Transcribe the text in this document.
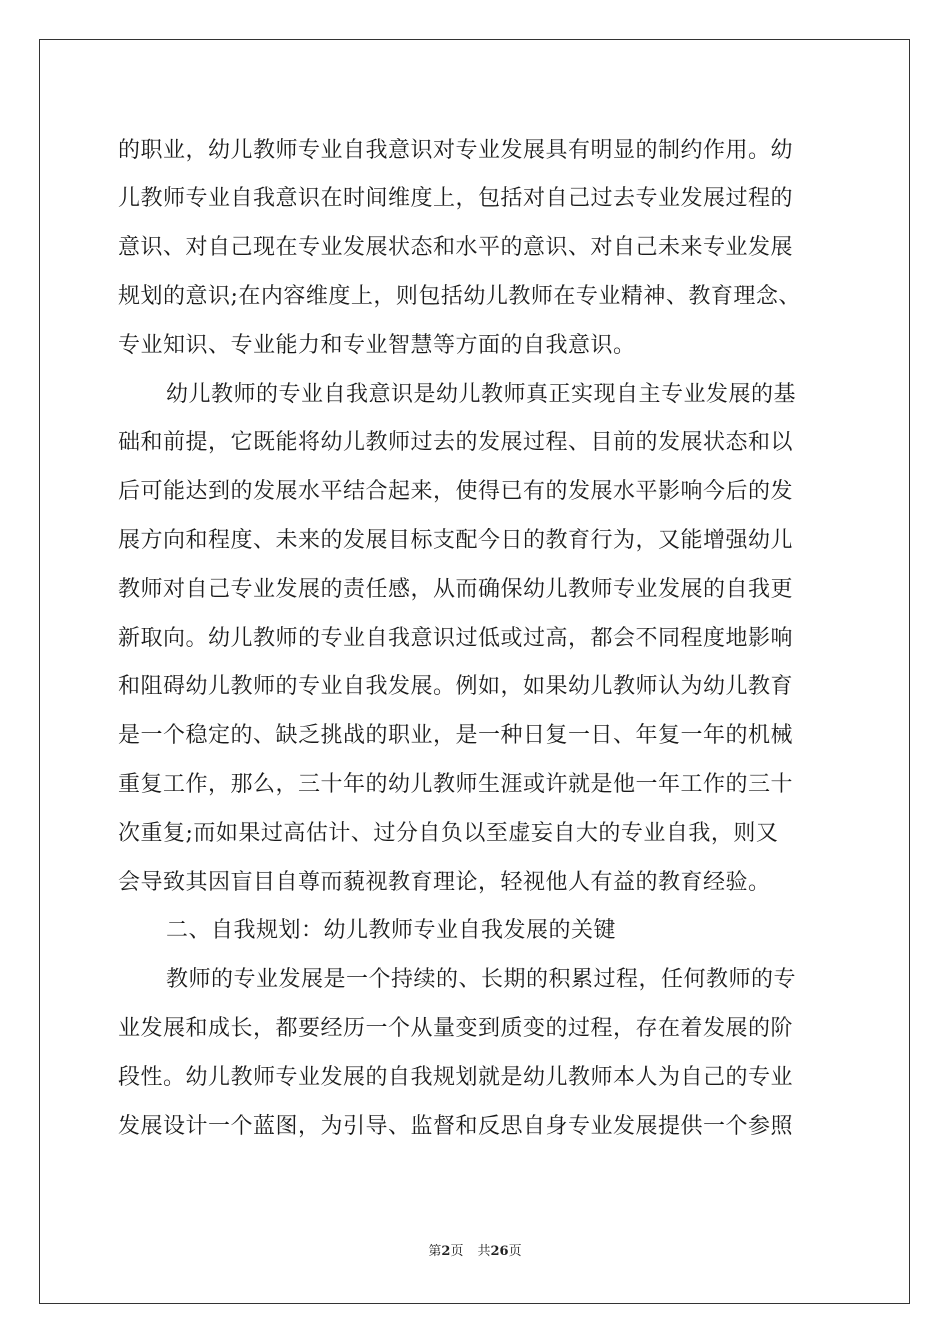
的职业，幼儿教师专业自我意识对专业发展具有明显的制约作用。幼
儿教师专业自我意识在时间维度上，包括对自己过去专业发展过程的
意识、对自己现在专业发展状态和水平的意识、对自己未来专业发展
规划的意识;在内容维度上，则包括幼儿教师在专业精神、教育理念、
专业知识、专业能力和专业智慧等方面的自我意识。
幼儿教师的专业自我意识是幼儿教师真正实现自主专业发展的基
础和前提，它既能将幼儿教师过去的发展过程、目前的发展状态和以
后可能达到的发展水平结合起来，使得已有的发展水平影响今后的发
展方向和程度、未来的发展目标支配今日的教育行为，又能增强幼儿
教师对自己专业发展的责任感，从而确保幼儿教师专业发展的自我更
新取向。幼儿教师的专业自我意识过低或过高，都会不同程度地影响
和阻碍幼儿教师的专业自我发展。例如，如果幼儿教师认为幼儿教育
是一个稳定的、缺乏挑战的职业，是一种日复一日、年复一年的机械
重复工作，那么，三十年的幼儿教师生涯或许就是他一年工作的三十
次重复;而如果过高估计、过分自负以至虚妄自大的专业自我，则又
会导致其因盲目自尊而藐视教育理论，轻视他人有益的教育经验。
二、自我规划：幼儿教师专业自我发展的关键
教师的专业发展是一个持续的、长期的积累过程，任何教师的专
业发展和成长，都要经历一个从量变到质变的过程，存在着发展的阶
段性。幼儿教师专业发展的自我规划就是幼儿教师本人为自己的专业
发展设计一个蓝图，为引导、监督和反思自身专业发展提供一个参照
第2页 共26页
